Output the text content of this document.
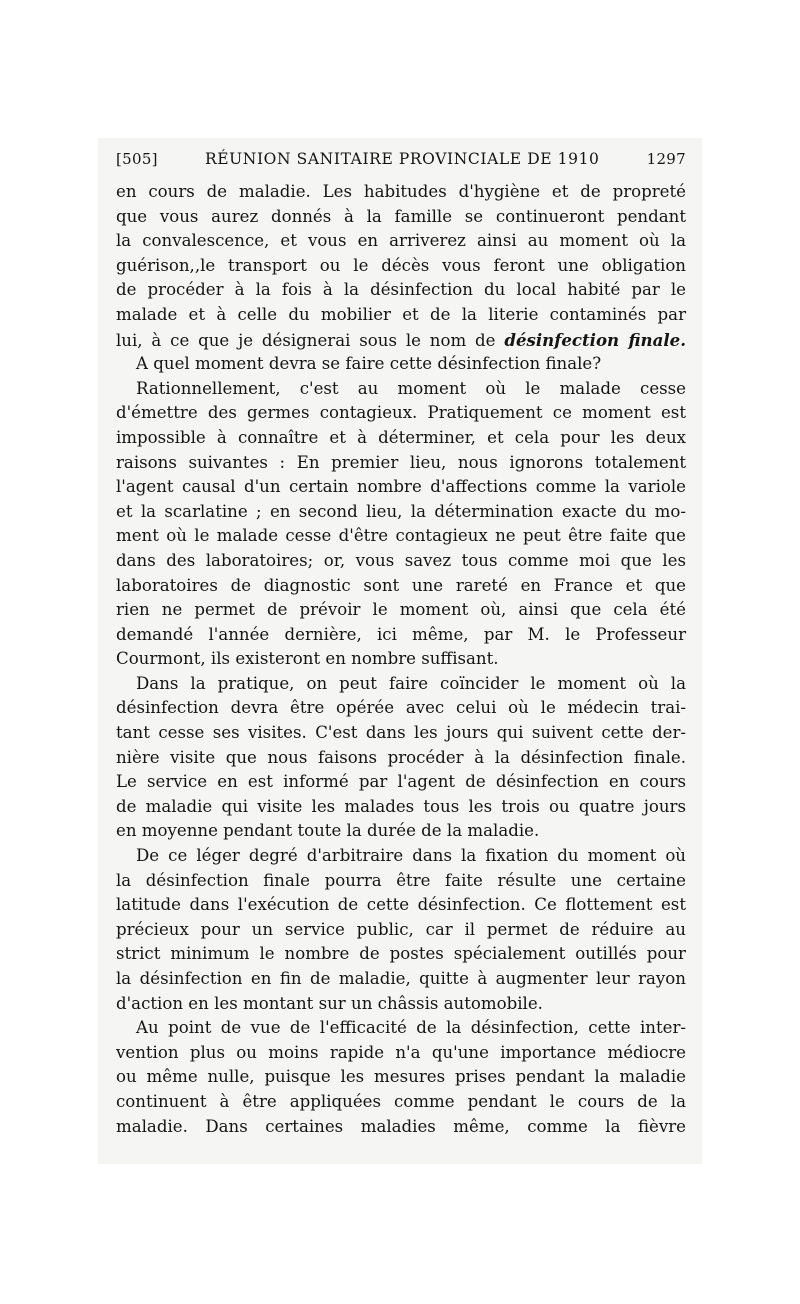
[505]	RÉUNION SANITAIRE PROVINCIALE DE 1910	1297
en cours de maladie. Les habitudes d'hygiène et de propreté
que vous aurez donnés à la famille se continueront pendant
la convalescence, et vous en arriverez ainsi au moment où la
guérison,,le transport ou le décès vous feront une obligation
de procéder à la fois à la désinfection du local habité par le
malade et à celle du mobilier et de la literie contaminés par
lui, à ce que je désignerai sous le nom de désinfection finale.
A quel moment devra se faire cette désinfection finale?
Rationnellement, c'est au moment où le malade cesse
d'émettre des germes contagieux. Pratiquement ce moment est
impossible à connaître et à déterminer, et cela pour les deux
raisons suivantes : En premier lieu, nous ignorons totalement
l'agent causal d'un certain nombre d'affections comme la variole
et la scarlatine ; en second lieu, la détermination exacte du mo-
ment où le malade cesse d'être contagieux ne peut être faite que
dans des laboratoires; or, vous savez tous comme moi que les
laboratoires de diagnostic sont une rareté en France et que
rien ne permet de prévoir le moment où, ainsi que cela été
demandé l'année dernière, ici même, par M. le Professeur
Courmont, ils existeront en nombre suffisant.
Dans la pratique, on peut faire coïncider le moment où la
désinfection devra être opérée avec celui où le médecin trai-
tant cesse ses visites. C'est dans les jours qui suivent cette der-
nière visite que nous faisons procéder à la désinfection finale.
Le service en est informé par l'agent de désinfection en cours
de maladie qui visite les malades tous les trois ou quatre jours
en moyenne pendant toute la durée de la maladie.
De ce léger degré d'arbitraire dans la fixation du moment où
la désinfection finale pourra être faite résulte une certaine
latitude dans l'exécution de cette désinfection. Ce flottement est
précieux pour un service public, car il permet de réduire au
strict minimum le nombre de postes spécialement outillés pour
la désinfection en fin de maladie, quitte à augmenter leur rayon
d'action en les montant sur un châssis automobile.
Au point de vue de l'efficacité de la désinfection, cette inter-
vention plus ou moins rapide n'a qu'une importance médiocre
ou même nulle, puisque les mesures prises pendant la maladie
continuent à être appliquées comme pendant le cours de la
maladie. Dans certaines maladies même, comme la fièvre
